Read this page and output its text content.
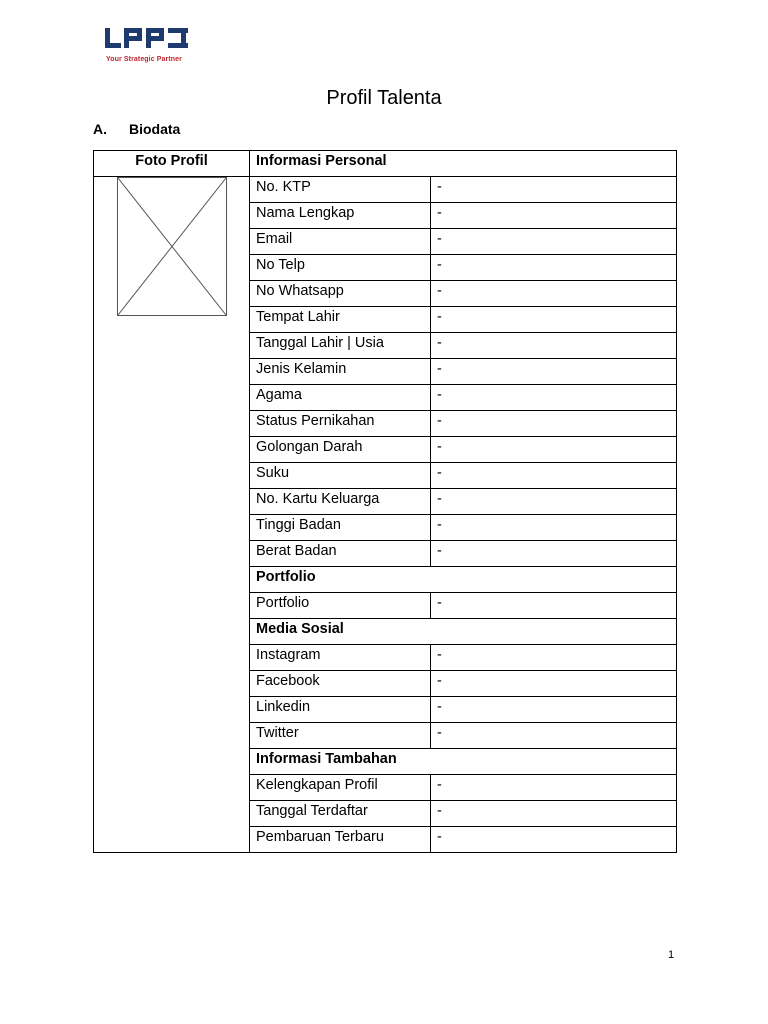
Your Strategic Partner
Profil Talenta
A. Biodata
Foto Profil	Informasi Personal	

	No. KTP	-
	Nama Lengkap	-
	Email	-
	No Telp	-
	No Whatsapp	-
	Tempat Lahir	-
	Tanggal Lahir | Usia	-
	Jenis Kelamin	-
	Agama	-
	Status Pernikahan	-
	Golongan Darah	-
	Suku	-
	No. Kartu Keluarga	-
	Tinggi Badan	-
	Berat Badan	-
	Portfolio	
	Portfolio	-
	Media Sosial	
	Instagram	-
	Facebook	-
	Linkedin	-
	Twitter	-
	Informasi Tambahan	
	Kelengkapan Profil	-
	Tanggal Terdaftar	-
	Pembaruan Terbaru	-
1
